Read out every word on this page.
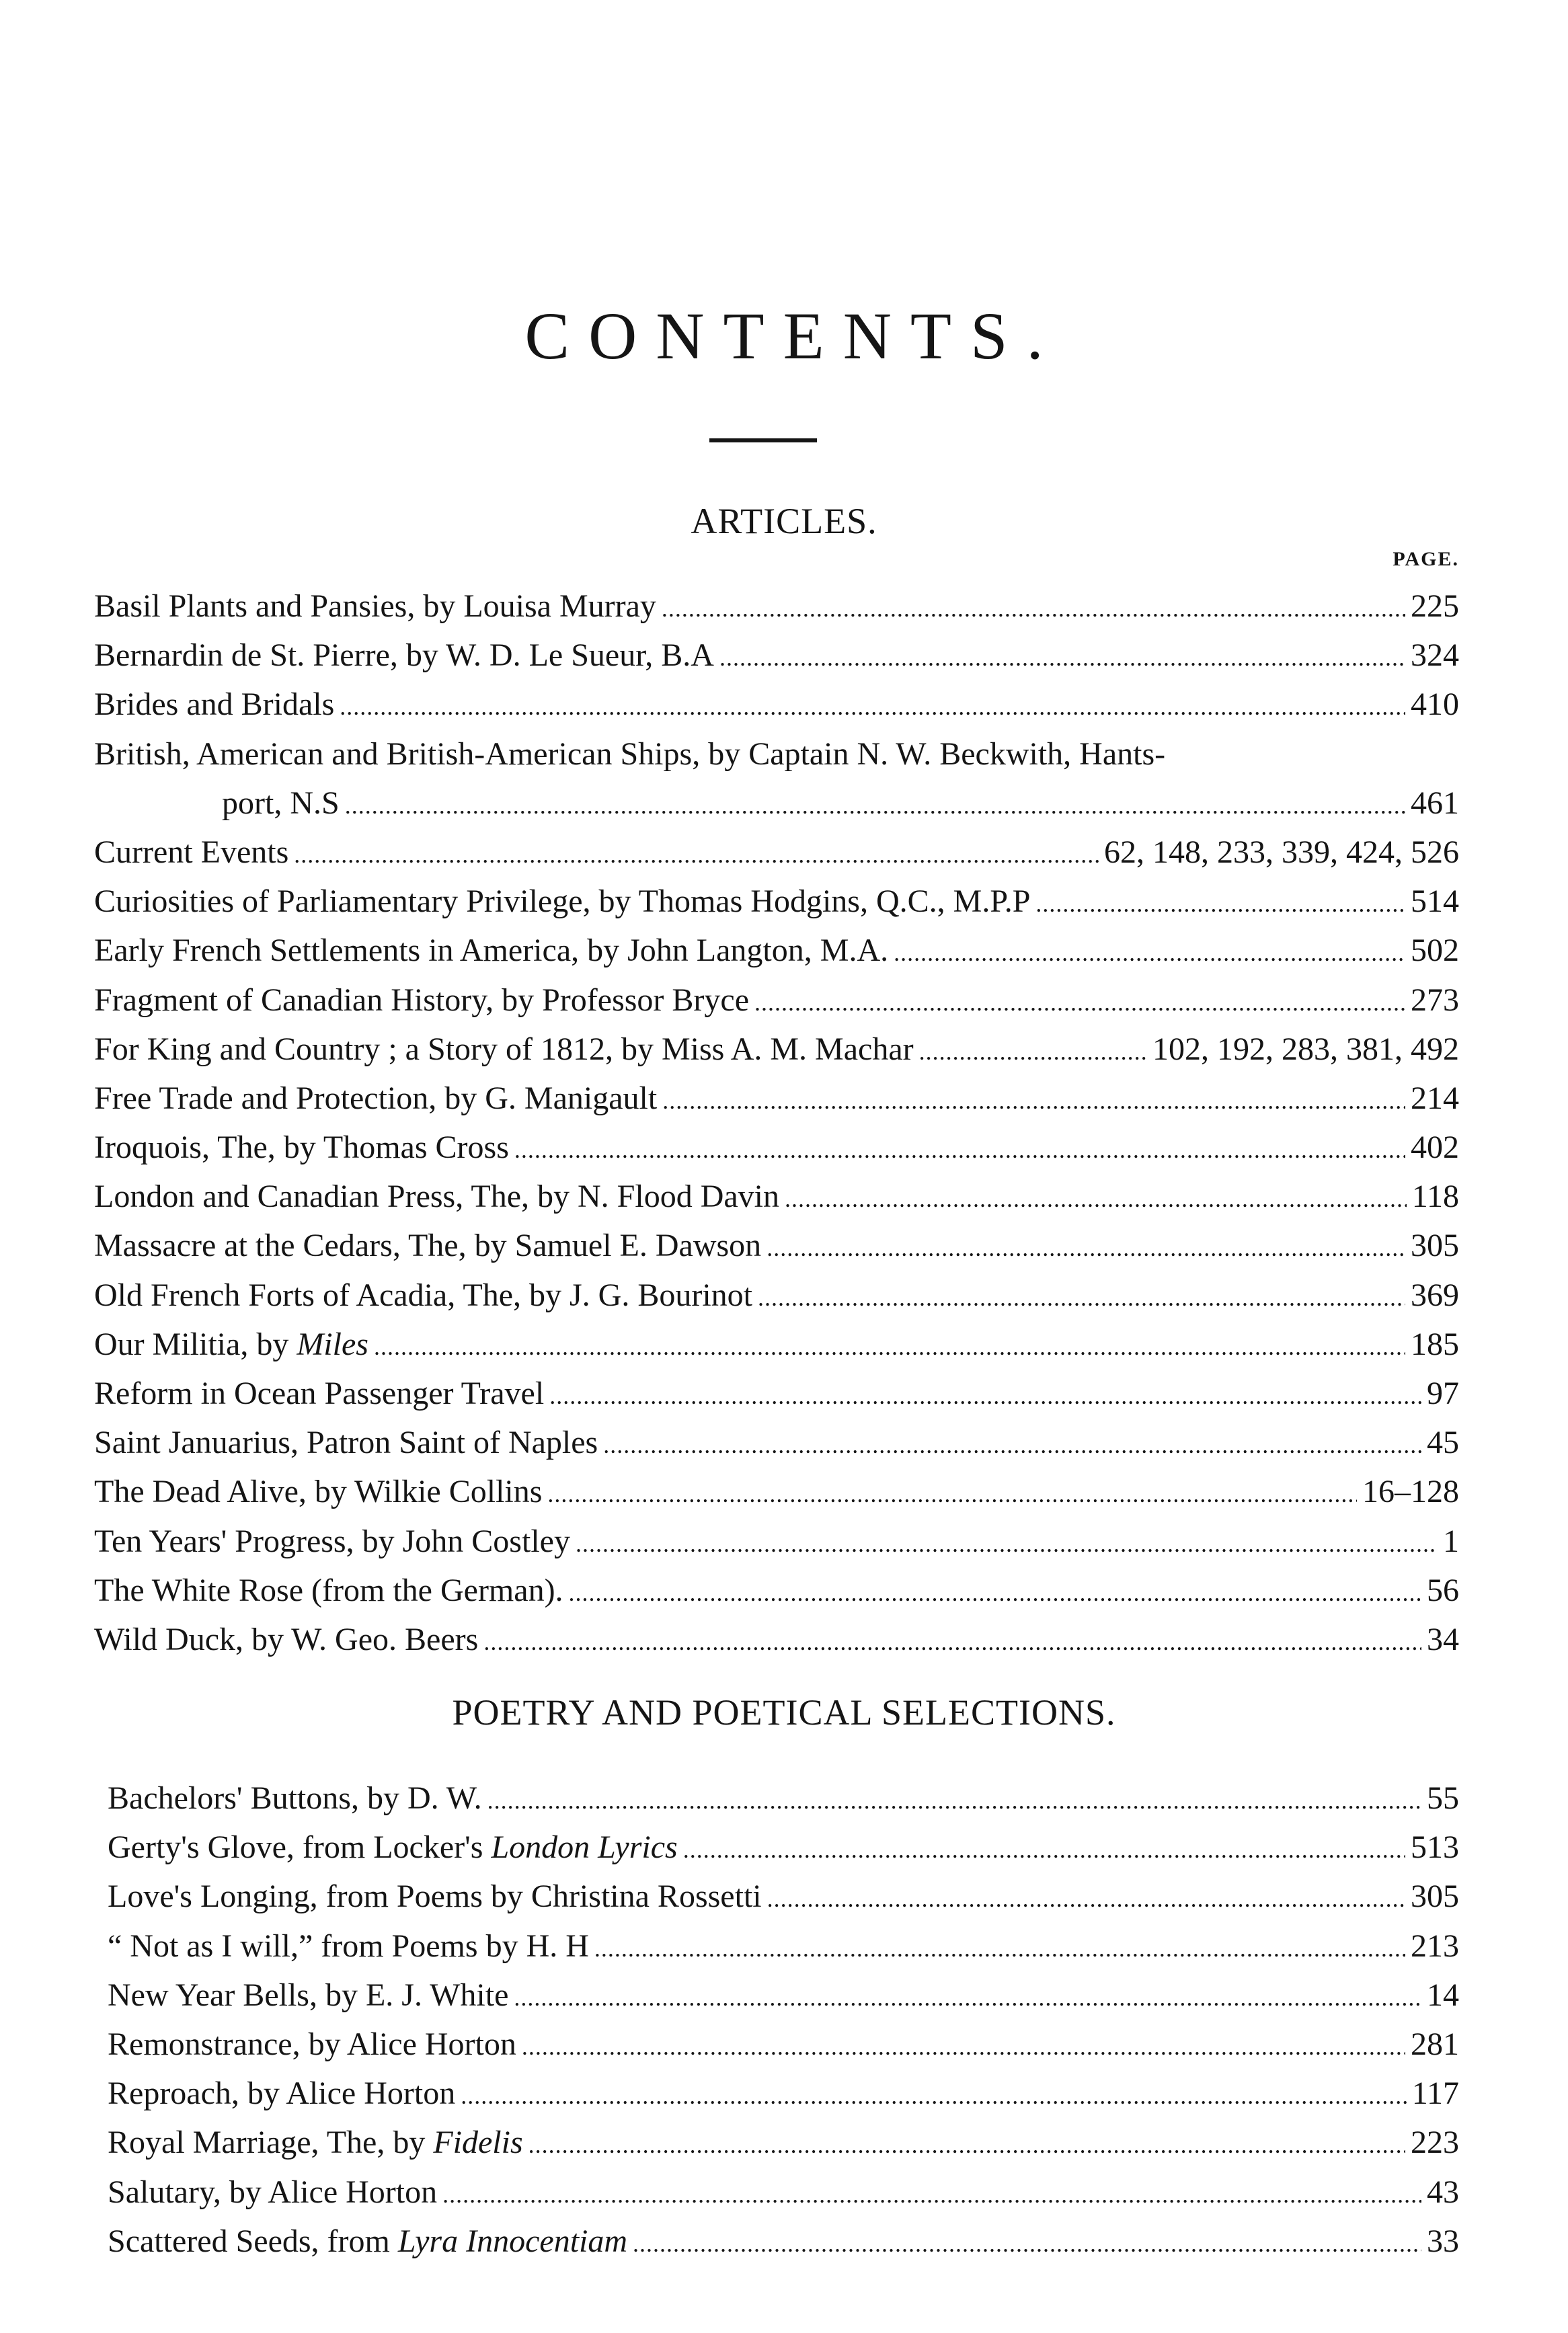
CONTENTS.
ARTICLES.
PAGE.
Basil Plants and Pansies, by Louisa Murray . . .	225
Bernardin de St. Pierre, by W. D. Le Sueur, B.A . . .	324
Brides and Bridals . . .	410
British, American and British-American Ships, by Captain N. W. Beckwith, Hants-
port, N.S . . .	461
Current Events . . .	62, 148, 233, 339, 424, 526
Curiosities of Parliamentary Privilege, by Thomas Hodgins, Q.C., M.P.P . . .	514
Early French Settlements in America, by John Langton, M.A. . . .	502
Fragment of Canadian History, by Professor Bryce . . .	273
For King and Country ; a Story of 1812, by Miss A. M. Machar . . .	102, 192, 283, 381, 492
Free Trade and Protection, by G. Manigault . . .	214
Iroquois, The, by Thomas Cross . . .	402
London and Canadian Press, The, by N. Flood Davin . . .	118
Massacre at the Cedars, The, by Samuel E. Dawson . . .	305
Old French Forts of Acadia, The, by J. G. Bourinot . . .	369
Our Militia, by Miles . . .	185
Reform in Ocean Passenger Travel . . .	97
Saint Januarius, Patron Saint of Naples . . .	45
The Dead Alive, by Wilkie Collins . . .	16–128
Ten Years' Progress, by John Costley . . .	1
The White Rose (from the German). . . .	56
Wild Duck, by W. Geo. Beers . . .	34
POETRY AND POETICAL SELECTIONS.
Bachelors' Buttons, by D. W. . . .	55
Gerty's Glove, from Locker's London Lyrics . . .	513
Love's Longing, from Poems by Christina Rossetti . . .	305
“ Not as I will,” from Poems by H. H . . .	213
New Year Bells, by E. J. White . . .	14
Remonstrance, by Alice Horton . . .	281
Reproach, by Alice Horton . . .	117
Royal Marriage, The, by Fidelis . . .	223
Salutary, by Alice Horton . . .	43
Scattered Seeds, from Lyra Innocentiam . . .	33
